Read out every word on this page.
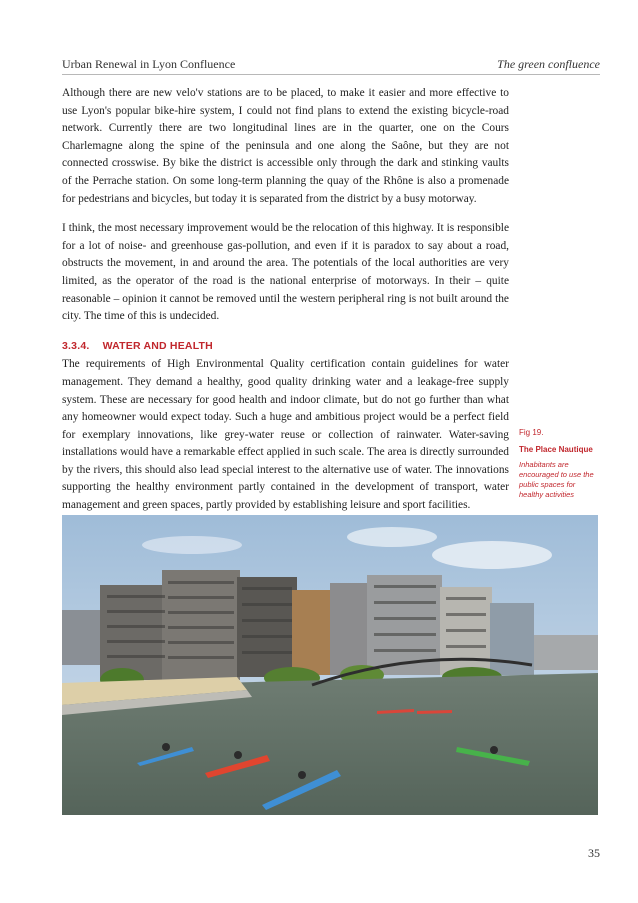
Urban Renewal in Lyon Confluence	The green confluence

Although there are new velo'v stations are to be placed, to make it easier and more effective to use Lyon's popular bike-hire system, I could not find plans to extend the existing bicycle-road network. Currently there are two longitudinal lines are in the quarter, one on the Cours Charlemagne along the spine of the peninsula and one along the Saône, but they are not connected crosswise. By bike the district is accessible only through the dark and stinking vaults of the Perrache station. On some long-term planning the quay of the Rhône is also a promenade for pedestrians and bicycles, but today it is separated from the district by a busy motorway.

I think, the most necessary improvement would be the relocation of this highway. It is responsible for a lot of noise- and greenhouse gas-pollution, and even if it is paradox to say about a road, obstructs the movement, in and around the area. The potentials of the local authorities are very limited, as the operator of the road is the national enterprise of motorways. In their – quite reasonable – opinion it cannot be removed until the western peripheral ring is not built around the city. The time of this is undecided.

3.3.4. WATER AND HEALTH

The requirements of High Environmental Quality certification contain guidelines for water management. They demand a healthy, good quality drinking water and a leakage-free supply system. These are necessary for good health and indoor climate, but do not go further than what any homeowner would expect today. Such a huge and ambitious project would be a perfect field for exemplary innovations, like grey-water reuse or collection of rainwater. Water-saving installations would have a remarkable effect applied in such scale. The area is directly surrounded by the rivers, this should also lead special interest to the alternative use of water. The innovations supporting the healthy environment partly contained in the development of transport, water management and green spaces, partly provided by establishing leisure and sport facilities.

Fig 19.
The Place Nautique
Inhabitants are encouraged to use the public spaces for healthy activities
35
